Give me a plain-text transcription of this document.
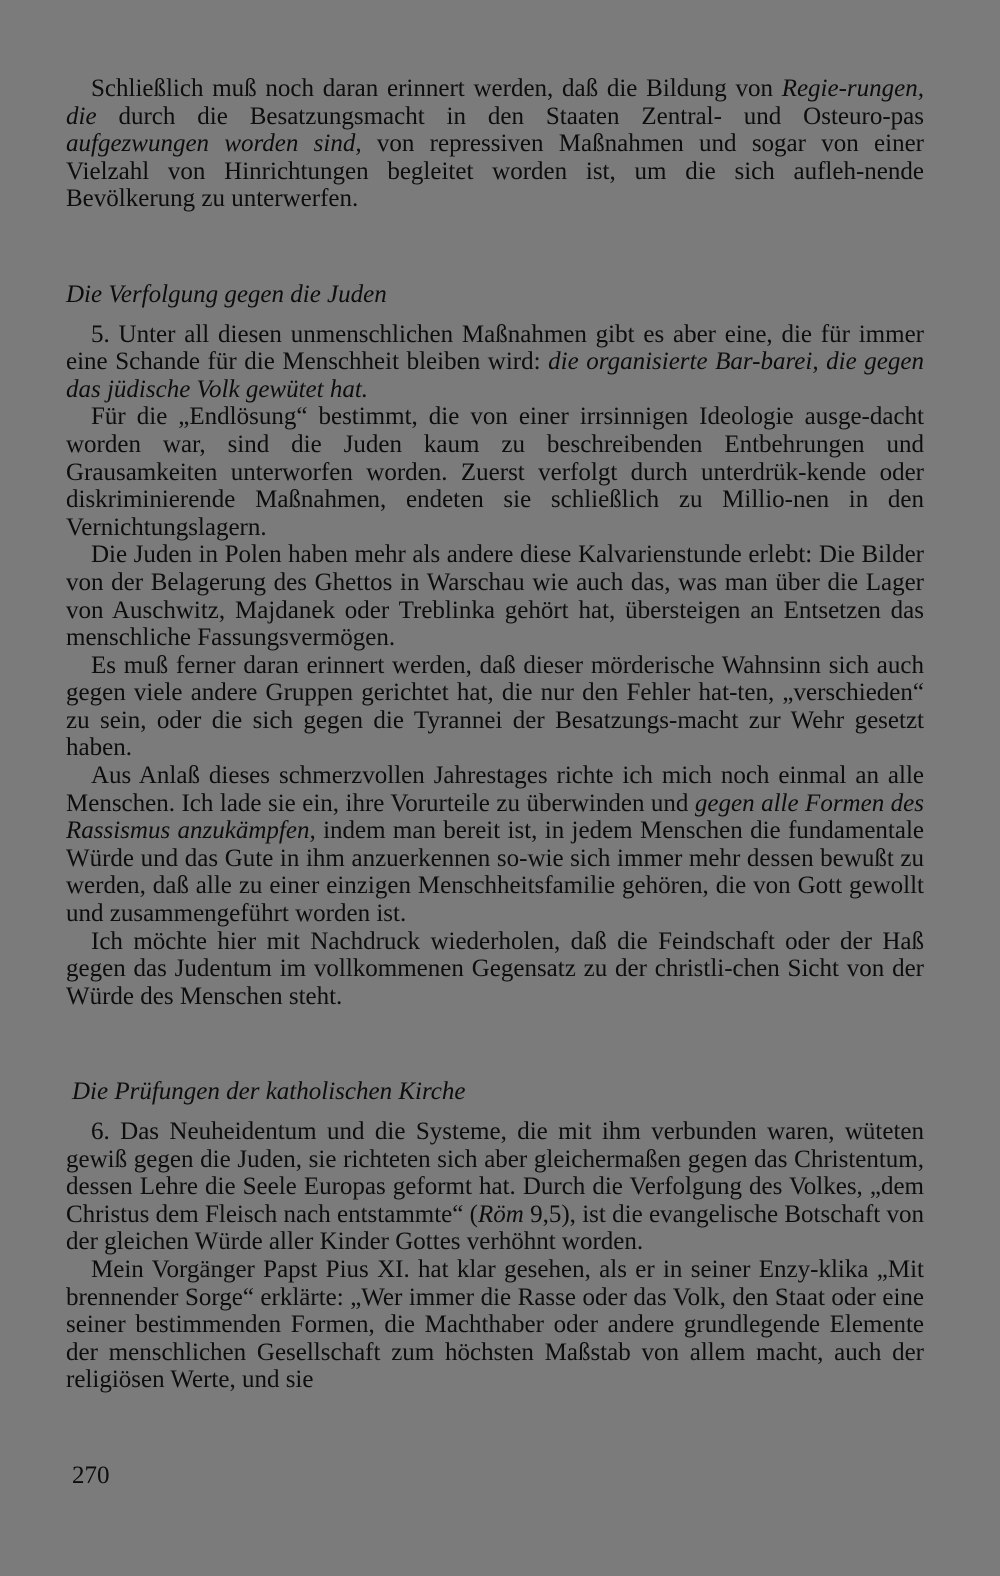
Schließlich muß noch daran erinnert werden, daß die Bildung von Regie-rungen, die durch die Besatzungsmacht in den Staaten Zentral- und Osteuro-pas aufgezwungen worden sind, von repressiven Maßnahmen und sogar von einer Vielzahl von Hinrichtungen begleitet worden ist, um die sich aufleh-nende Bevölkerung zu unterwerfen.

Die Verfolgung gegen die Juden

5. Unter all diesen unmenschlichen Maßnahmen gibt es aber eine, die für immer eine Schande für die Menschheit bleiben wird: die organisierte Bar-barei, die gegen das jüdische Volk gewütet hat.

Für die „Endlösung“ bestimmt, die von einer irrsinnigen Ideologie ausge-dacht worden war, sind die Juden kaum zu beschreibenden Entbehrungen und Grausamkeiten unterworfen worden. Zuerst verfolgt durch unterdrük-kende oder diskriminierende Maßnahmen, endeten sie schließlich zu Millio-nen in den Vernichtungslagern.

Die Juden in Polen haben mehr als andere diese Kalvarienstunde erlebt: Die Bilder von der Belagerung des Ghettos in Warschau wie auch das, was man über die Lager von Auschwitz, Majdanek oder Treblinka gehört hat, übersteigen an Entsetzen das menschliche Fassungsvermögen.

Es muß ferner daran erinnert werden, daß dieser mörderische Wahnsinn sich auch gegen viele andere Gruppen gerichtet hat, die nur den Fehler hat-ten, „verschieden“ zu sein, oder die sich gegen die Tyrannei der Besatzungs-macht zur Wehr gesetzt haben.

Aus Anlaß dieses schmerzvollen Jahrestages richte ich mich noch einmal an alle Menschen. Ich lade sie ein, ihre Vorurteile zu überwinden und gegen alle Formen des Rassismus anzukämpfen, indem man bereit ist, in jedem Menschen die fundamentale Würde und das Gute in ihm anzuerkennen so-wie sich immer mehr dessen bewußt zu werden, daß alle zu einer einzigen Menschheitsfamilie gehören, die von Gott gewollt und zusammengeführt worden ist.

Ich möchte hier mit Nachdruck wiederholen, daß die Feindschaft oder der Haß gegen das Judentum im vollkommenen Gegensatz zu der christli-chen Sicht von der Würde des Menschen steht.

Die Prüfungen der katholischen Kirche

6. Das Neuheidentum und die Systeme, die mit ihm verbunden waren, wüteten gewiß gegen die Juden, sie richteten sich aber gleichermaßen gegen das Christentum, dessen Lehre die Seele Europas geformt hat. Durch die Verfolgung des Volkes, „dem Christus dem Fleisch nach entstammte“ (Röm 9,5), ist die evangelische Botschaft von der gleichen Würde aller Kinder Gottes verhöhnt worden.

Mein Vorgänger Papst Pius XI. hat klar gesehen, als er in seiner Enzy-klika „Mit brennender Sorge“ erklärte: „Wer immer die Rasse oder das Volk, den Staat oder eine seiner bestimmenden Formen, die Machthaber oder andere grundlegende Elemente der menschlichen Gesellschaft zum höchsten Maßstab von allem macht, auch der religiösen Werte, und sie

270
